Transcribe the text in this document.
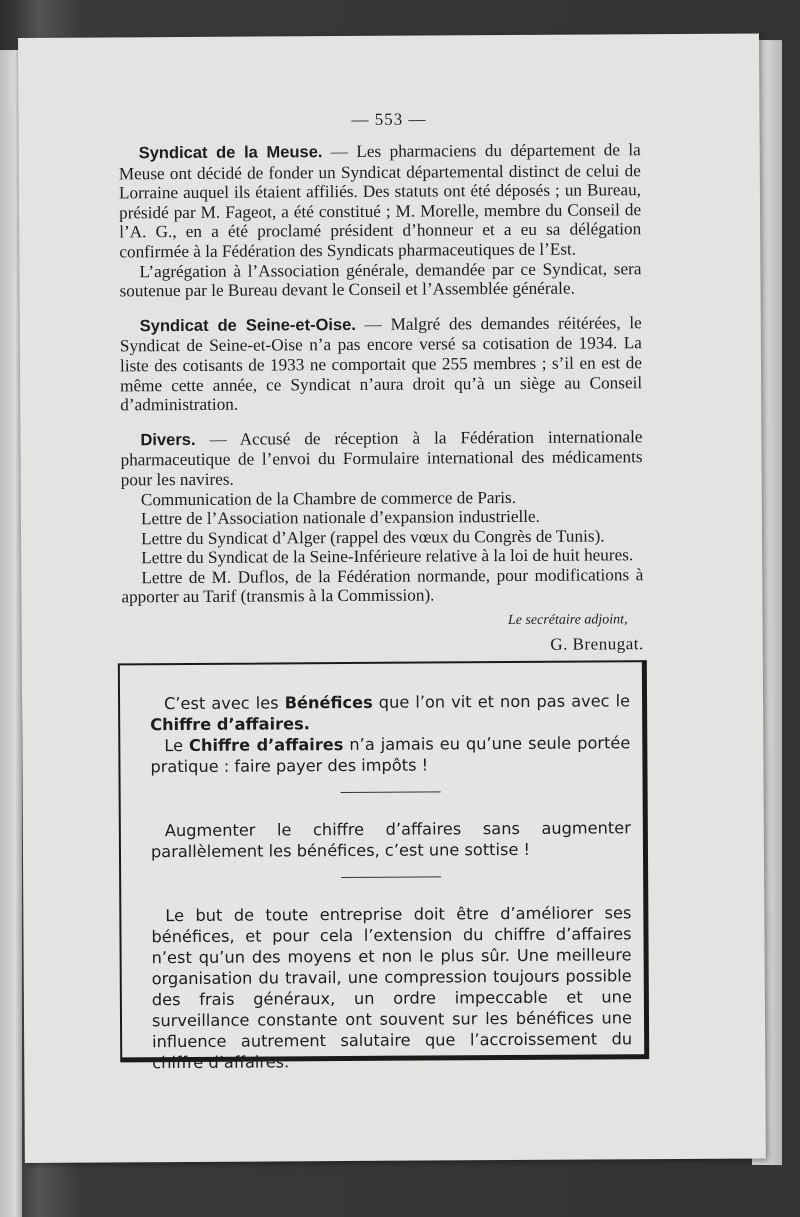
— 553 —

Syndicat de la Meuse. — Les pharmaciens du département de la Meuse ont décidé de fonder un Syndicat départemental distinct de celui de Lorraine auquel ils étaient affiliés. Des statuts ont été déposés ; un Bureau, présidé par M. Fageot, a été constitué ; M. Morelle, membre du Conseil de l’A. G., en a été proclamé président d’honneur et a eu sa délégation confirmée à la Fédération des Syndicats pharmaceutiques de l’Est.

L’agrégation à l’Association générale, demandée par ce Syndicat, sera soutenue par le Bureau devant le Conseil et l’Assemblée générale.

Syndicat de Seine-et-Oise. — Malgré des demandes réitérées, le Syndicat de Seine-et-Oise n’a pas encore versé sa cotisation de 1934. La liste des cotisants de 1933 ne comportait que 255 membres ; s’il en est de même cette année, ce Syndicat n’aura droit qu’à un siège au Conseil d’administration.

Divers. — Accusé de réception à la Fédération internationale pharmaceutique de l’envoi du Formulaire international des médicaments pour les navires.

Communication de la Chambre de commerce de Paris.
Lettre de l’Association nationale d’expansion industrielle.
Lettre du Syndicat d’Alger (rappel des vœux du Congrès de Tunis).
Lettre du Syndicat de la Seine-Inférieure relative à la loi de huit heures.
Lettre de M. Duflos, de la Fédération normande, pour modifications à apporter au Tarif (transmis à la Commission).
Le secrétaire adjoint,
G. Brenugat.

C’est avec les Bénéfices que l’on vit et non pas avec le Chiffre d’affaires.

Le Chiffre d’affaires n’a jamais eu qu’une seule portée pratique : faire payer des impôts !

Augmenter le chiffre d’affaires sans augmenter parallèlement les bénéfices, c’est une sottise !

Le but de toute entreprise doit être d’améliorer ses bénéfices, et pour cela l’extension du chiffre d’affaires n’est qu’un des moyens et non le plus sûr. Une meilleure organisation du travail, une compression toujours possible des frais généraux, un ordre impeccable et une surveillance constante ont souvent sur les bénéfices une influence autrement salutaire que l’accroissement du chiffre d’affaires.
